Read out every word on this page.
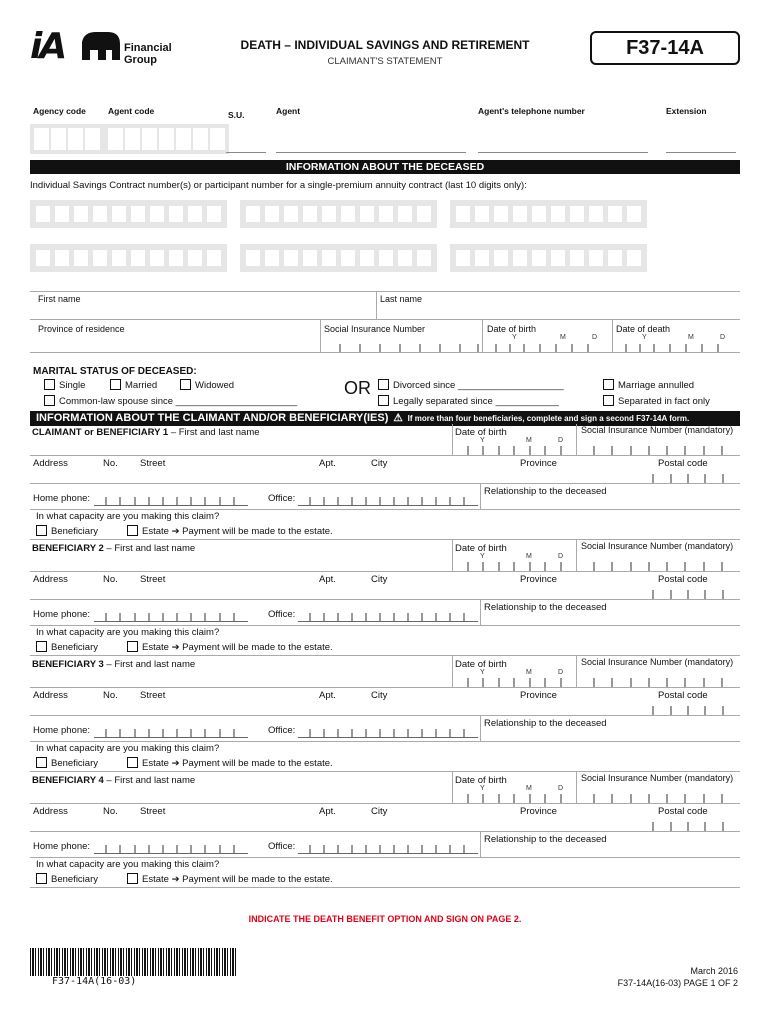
iA	Financial
Group
DEATH – INDIVIDUAL SAVINGS AND RETIREMENT
CLAIMANT'S STATEMENT
F37-14A
Agency code	Agent code	S.U.	Agent	Agent's telephone number	Extension
INFORMATION ABOUT THE DECEASED
Individual Savings Contract number(s) or participant number for a single-premium annuity contract (last 10 digits only):
First name	Last name
Province of residence	Social Insurance Number	Date of birth	Date of death
Y	M	D	Y	M	D
MARITAL STATUS OF DECEASED:
Single	Married	Widowed
Common-law spouse since _______________________
OR	Divorced since ____________________
Legally separated since ____________
Marriage annulled
Separated in fact only
INFORMATION ABOUT THE CLAIMANT AND/OR BENEFICIARY(IES) ⚠ If more than four beneficiaries, complete and sign a second F37-14A form.
CLAIMANT or BENEFICIARY 1 – First and last name	Date of birth	Social Insurance Number (mandatory)
Y	M	D
Address	No. Street	Apt.	City	Province	Postal code
Relationship to the deceased
Home phone:	Office:
In what capacity are you making this claim?
Beneficiary	Estate ➔ Payment will be made to the estate.
BENEFICIARY 2 – First and last name	Date of birth	Social Insurance Number (mandatory)
Y	M	D
Address	No. Street	Apt.	City	Province	Postal code
Relationship to the deceased
Home phone:	Office:
In what capacity are you making this claim?
Beneficiary	Estate ➔ Payment will be made to the estate.
BENEFICIARY 3 – First and last name	Date of birth	Social Insurance Number (mandatory)
Y	M	D
Address	No. Street	Apt.	City	Province	Postal code
Relationship to the deceased
Home phone:	Office:
In what capacity are you making this claim?
Beneficiary	Estate ➔ Payment will be made to the estate.
BENEFICIARY 4 – First and last name	Date of birth	Social Insurance Number (mandatory)
Y	M	D
Address	No. Street	Apt.	City	Province	Postal code
Relationship to the deceased
Home phone:	Office:
In what capacity are you making this claim?
Beneficiary	Estate ➔ Payment will be made to the estate.
INDICATE THE DEATH BENEFIT OPTION AND SIGN ON PAGE 2.
F37-14A(16-03)
March 2016
F37-14A(16-03) PAGE 1 OF 2
